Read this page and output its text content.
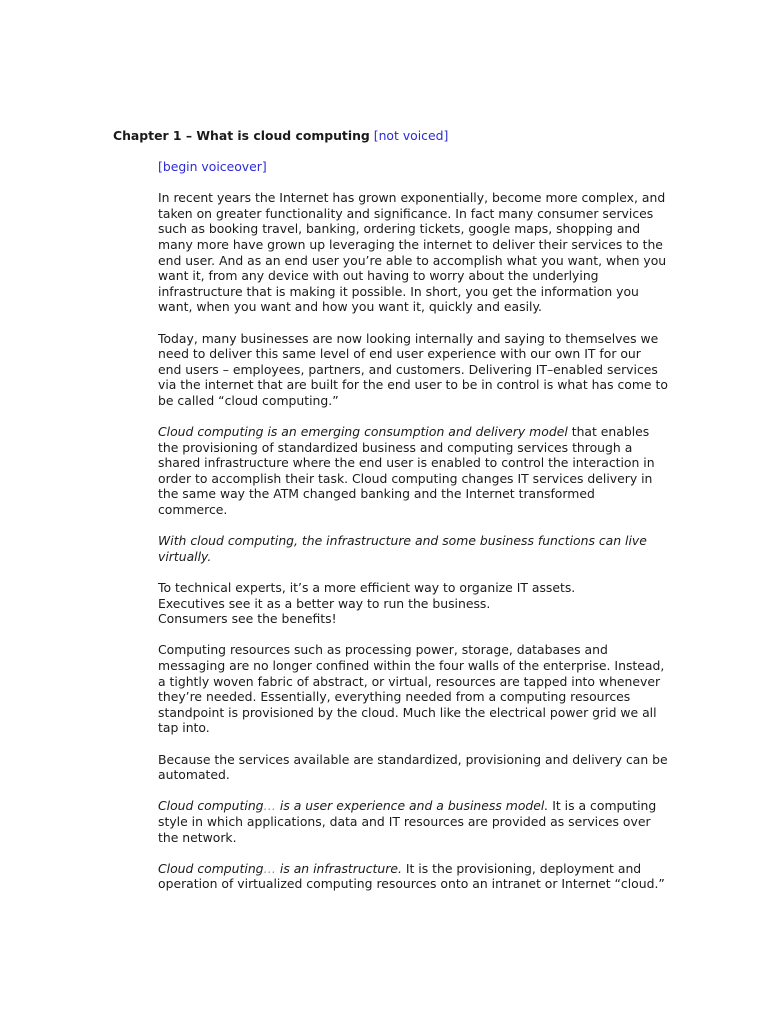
Chapter 1 – What is cloud computing [not voiced]

[begin voiceover]

In recent years the Internet has grown exponentially, become more complex, and taken on greater functionality and significance. In fact many consumer services such as booking travel, banking, ordering tickets, google maps, shopping and many more have grown up leveraging the internet to deliver their services to the end user. And as an end user you’re able to accomplish what you want, when you want it, from any device with out having to worry about the underlying infrastructure that is making it possible. In short, you get the information you want, when you want and how you want it, quickly and easily.

Today, many businesses are now looking internally and saying to themselves we need to deliver this same level of end user experience with our own IT for our end users – employees, partners, and customers. Delivering IT–enabled services via the internet that are built for the end user to be in control is what has come to be called “cloud computing.”

Cloud computing is an emerging consumption and delivery model that enables the provisioning of standardized business and computing services through a shared infrastructure where the end user is enabled to control the interaction in order to accomplish their task. Cloud computing changes IT services delivery in the same way the ATM changed banking and the Internet transformed commerce.

With cloud computing, the infrastructure and some business functions can live virtually.

To technical experts, it’s a more efficient way to organize IT assets.
Executives see it as a better way to run the business.
Consumers see the benefits!

Computing resources such as processing power, storage, databases and messaging are no longer confined within the four walls of the enterprise. Instead, a tightly woven fabric of abstract, or virtual, resources are tapped into whenever they’re needed. Essentially, everything needed from a computing resources standpoint is provisioned by the cloud. Much like the electrical power grid we all tap into.

Because the services available are standardized, provisioning and delivery can be automated.

Cloud computing… is a user experience and a business model. It is a computing style in which applications, data and IT resources are provided as services over the network.

Cloud computing… is an infrastructure. It is the provisioning, deployment and operation of virtualized computing resources onto an intranet or Internet “cloud.”
